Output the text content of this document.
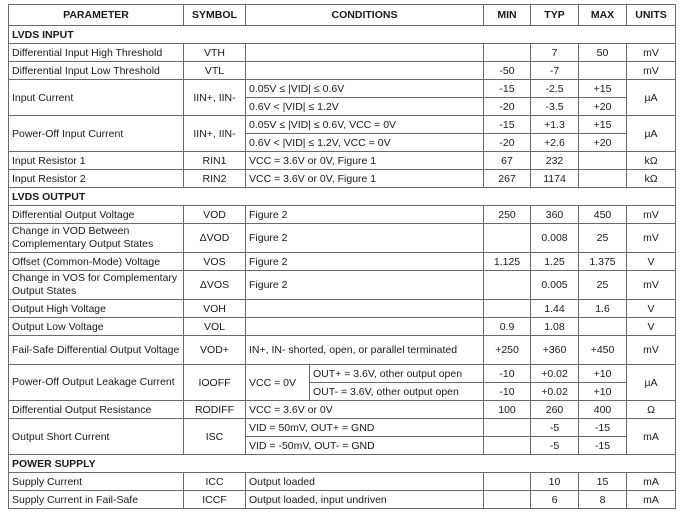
PARAMETER	SYMBOL	CONDITIONS		MIN	TYP	MAX	UNITS
LVDS INPUT							
Differential Input High Threshold	VTH				7	50	mV
Differential Input Low Threshold	VTL			-50	-7		mV
Input Current	IIN+, IIN-	0.05V ≤ |VID| ≤ 0.6V		-15	-2.5	+15	µA
		0.6V < |VID| ≤ 1.2V		-20	-3.5	+20	
Power-Off Input Current	IIN+, IIN-	0.05V ≤ |VID| ≤ 0.6V, VCC = 0V		-15	+1.3	+15	µA
		0.6V < |VID| ≤ 1.2V, VCC = 0V		-20	+2.6	+20	
Input Resistor 1	RIN1	VCC = 3.6V or 0V, Figure 1		67	232		kΩ
Input Resistor 2	RIN2	VCC = 3.6V or 0V, Figure 1		267	1174		kΩ
LVDS OUTPUT							
Differential Output Voltage	VOD	Figure 2		250	360	450	mV
Change in VOD Between Complementary Output States	ΔVOD	Figure 2			0.008	25	mV
Offset (Common-Mode) Voltage	VOS	Figure 2		1.125	1.25	1.375	V
Change in VOS for Complementary Output States	ΔVOS	Figure 2			0.005	25	mV
Output High Voltage	VOH				1.44	1.6	V
Output Low Voltage	VOL			0.9	1.08		V
Fail-Safe Differential Output Voltage	VOD+	IN+, IN- shorted, open, or parallel terminated		+250	+360	+450	mV
Power-Off Output Leakage Current	IOOFF	VCC = 0V	OUT+ = 3.6V, other output open	-10	+0.02	+10	µA
			OUT- = 3.6V, other output open	-10	+0.02	+10	
Differential Output Resistance	RODIFF	VCC = 3.6V or 0V		100	260	400	Ω
Output Short Current	ISC	VID = 50mV, OUT+ = GND			-5	-15	mA
		VID = -50mV, OUT- = GND			-5	-15	
POWER SUPPLY							
Supply Current	ICC	Output loaded			10	15	mA
Supply Current in Fail-Safe	ICCF	Output loaded, input undriven			6	8	mA
